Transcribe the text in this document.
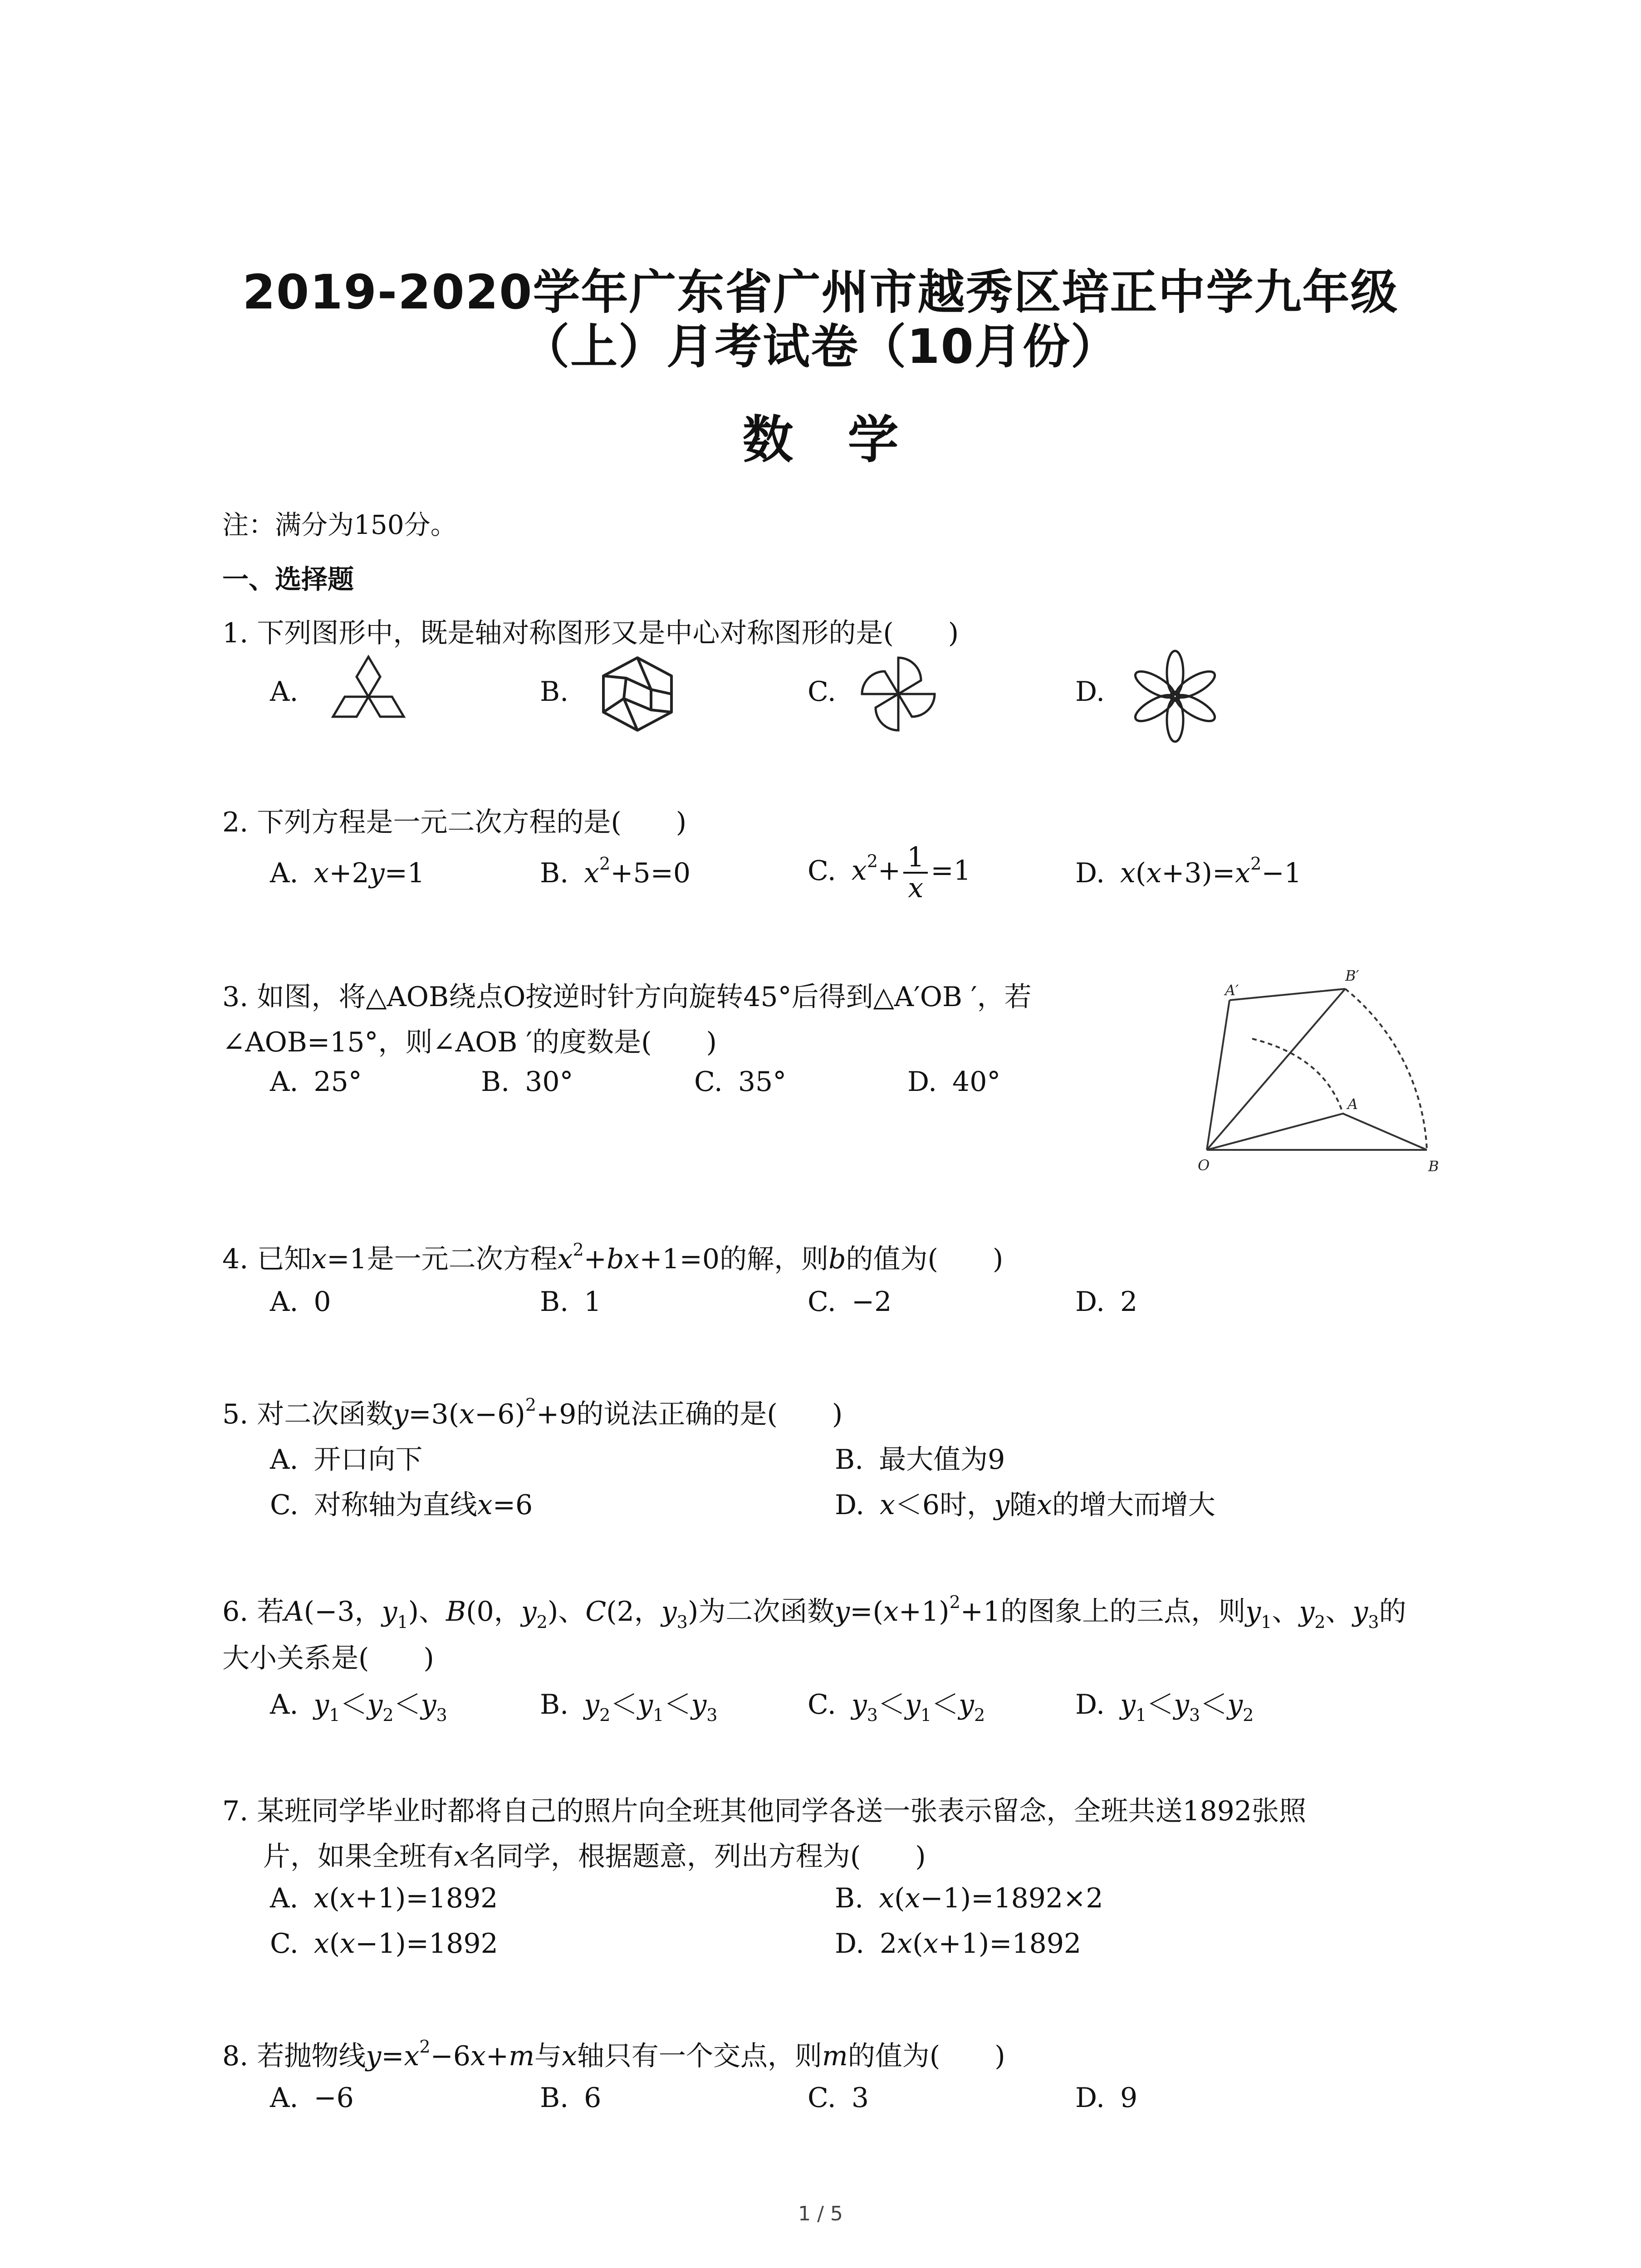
2019-2020学年广东省广州市越秀区培正中学九年级
（上）月考试卷（10月份）
数学
注：满分为150分。
一、选择题
1. 下列图形中，既是轴对称图形又是中心对称图形的是(　　)
A.	B.	C.	D.
2. 下列方程是一元二次方程的是(　　)
A. x+2y=1	B. $x^2+5=0$	C. $x^2+ \frac{1}{x} =1$	D. $x(x+3)=x^2-1$
3. 如图，将△AOB绕点O按逆时针方向旋转45°后得到△A′OB ′，若
∠AOB=15°，则∠AOB ′的度数是(　　)
A. 25°	B. 30°	C. 35°	D. 40°
O
A
B
A′
B′
4. 已知x=1是一元二次方程$x^2+bx+1=0$的解，则b的值为(　　)
A. 0	B. 1	C. −2	D. 2
5. 对二次函数$y=3(x-6)^2+9$的说法正确的是(　　)
A. 开口向下	B. 最大值为9
C. 对称轴为直线x=6	D. x＜6时，y随x的增大而增大
6. 若A(−3，$y_1$)、B(0，$y_2$)、C(2，$y_3$)为二次函数$y=(x+1)^2+1$的图象上的三点，则$y_1$、$y_2$、$y_3$的
大小关系是(　　)
A. $y_1<y_2<y_3$	B. $y_2<y_1<y_3$	C. $y_3<y_1<y_2$	D. $y_1<y_3<y_2$
7. 某班同学毕业时都将自己的照片向全班其他同学各送一张表示留念，全班共送1892张照
片，如果全班有x名同学，根据题意，列出方程为(　　)
A. x(x+1)=1892	B. x(x−1)=1892×2
C. x(x−1)=1892	D. 2x(x+1)=1892
8. 若抛物线$y=x^2-6x+m$与x轴只有一个交点，则m的值为(　　)
A. −6	B. 6	C. 3	D. 9
1 / 5
